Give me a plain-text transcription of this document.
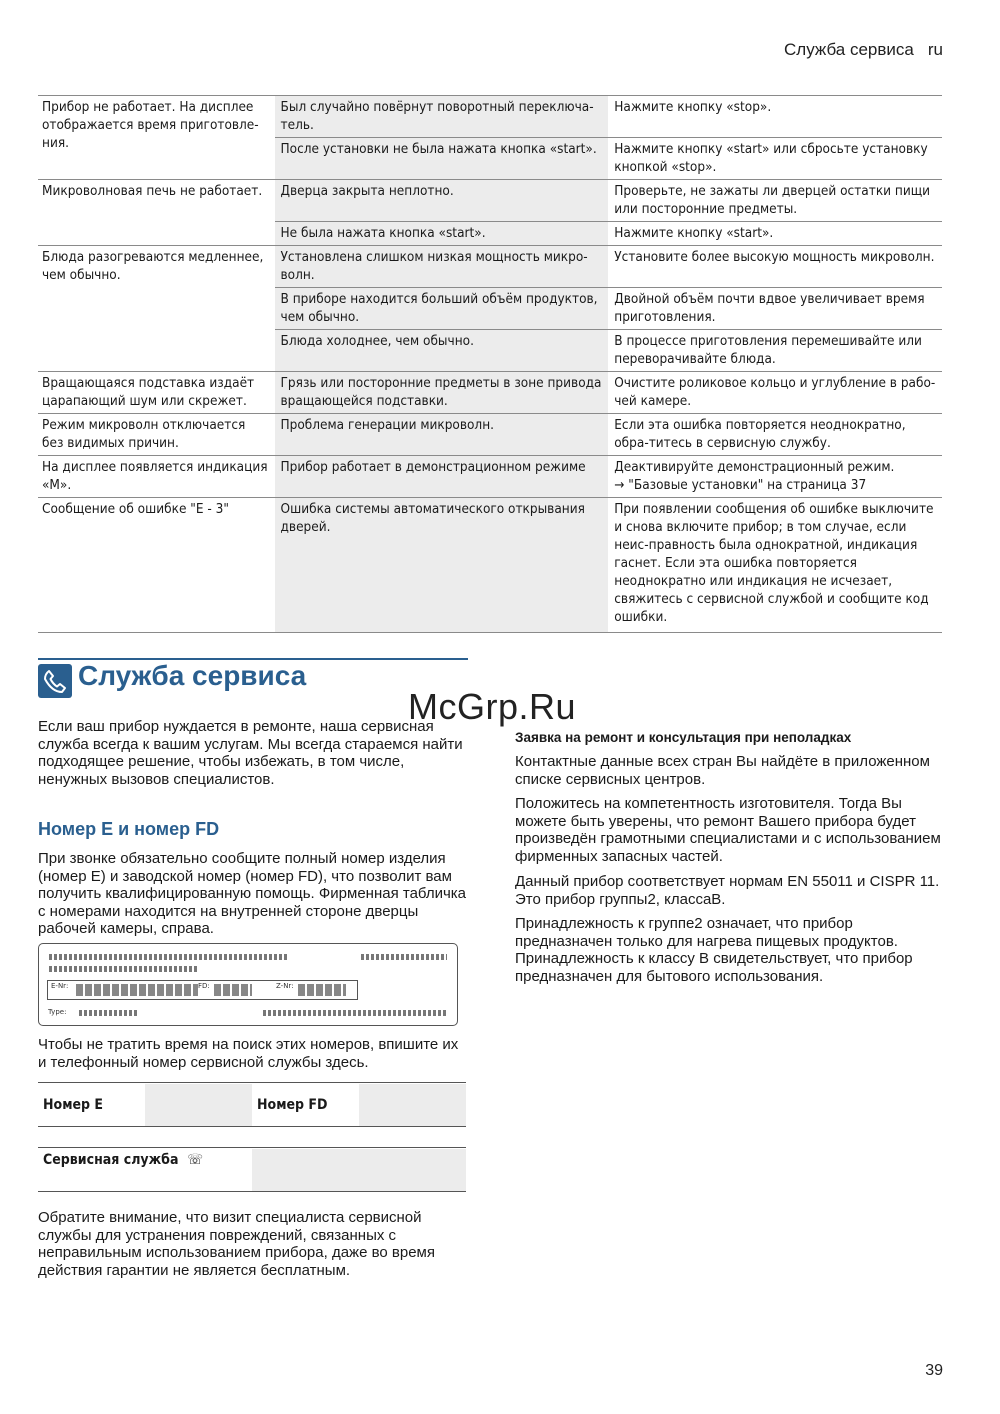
Служба сервиса ru
Прибор не работает. На дисплее отображается время приготовле-ния.	Был случайно повёрнут поворотный переключа-тель.	Нажмите кнопку «stop».
	После установки не была нажата кнопка «start».	Нажмите кнопку «start» или сбросьте установку кнопкой «stop».
Микроволновая печь не работает.	Дверца закрыта неплотно.	Проверьте, не зажаты ли дверцей остатки пищи или посторонние предметы.
	Не была нажата кнопка «start».	Нажмите кнопку «start».
Блюда разогреваются медленнее, чем обычно.	Установлена слишком низкая мощность микро-волн.	Установите более высокую мощность микроволн.
	В приборе находится больший объём продуктов, чем обычно.	Двойной объём почти вдвое увеличивает время приготовления.
	Блюда холоднее, чем обычно.	В процессе приготовления перемешивайте или переворачивайте блюда.
Вращающаяся подставка издаёт царапающий шум или скрежет.	Грязь или посторонние предметы в зоне привода вращающейся подставки.	Очистите роликовое кольцо и углубление в рабо-чей камере.
Режим микроволн отключается без видимых причин.	Проблема генерации микроволн.	Если эта ошибка повторяется неоднократно, обра-титесь в сервисную службу.
На дисплее появляется индикация «M».	Прибор работает в демонстрационном режиме	Деактивируйте демонстрационный режим.
→ "Базовые установки" на страница 37
Сообщение об ошибке "E - 3"	Ошибка системы автоматического открывания дверей.	При появлении сообщения об ошибке выключите и снова включите прибор; в том случае, если неис-правность была однократной, индикация гаснет. Если эта ошибка повторяется неоднократно или индикация не исчезает, свяжитесь с сервисной службой и сообщите код ошибки.
Служба сервиса
McGrp.Ru
Если ваш прибор нуждается в ремонте, наша сервисная служба всегда к вашим услугам. Мы всегда стараемся найти подходящее решение, чтобы избежать, в том числе, ненужных вызовов специалистов.
Номер E и номер FD
При звонке обязательно сообщите полный номер изделия (номер E) и заводской номер (номер FD), что позволит вам получить квалифицированную помощь. Фирменная табличка с номерами находится на внутренней стороне дверцы рабочей камеры, справа.
E-Nr:	FD:	Z-Nr:
Type:
Чтобы не тратить время на поиск этих номеров, впишите их и телефонный номер сервисной службы здесь.
Номер E	Номер FD
Сервисная служба ☏
Обратите внимание, что визит специалиста сервисной службы для устранения повреждений, связанных с неправильным использованием прибора, даже во время действия гарантии не является бесплатным.
Заявка на ремонт и консультация при неполадках
Контактные данные всех стран Вы найдёте в приложенном списке сервисных центров.
Положитесь на компетентность изготовителя. Тогда Вы можете быть уверены, что ремонт Вашего прибора будет произведён грамотными специалистами и с использованием фирменных запасных частей.
Данный прибор соответствует нормам EN 55011 и CISPR 11. Это прибор группы2, классаB.
Принадлежность к группе2 означает, что прибор предназначен только для нагрева пищевых продуктов. Принадлежность к классу B свидетельствует, что прибор предназначен для бытового использования.
39
